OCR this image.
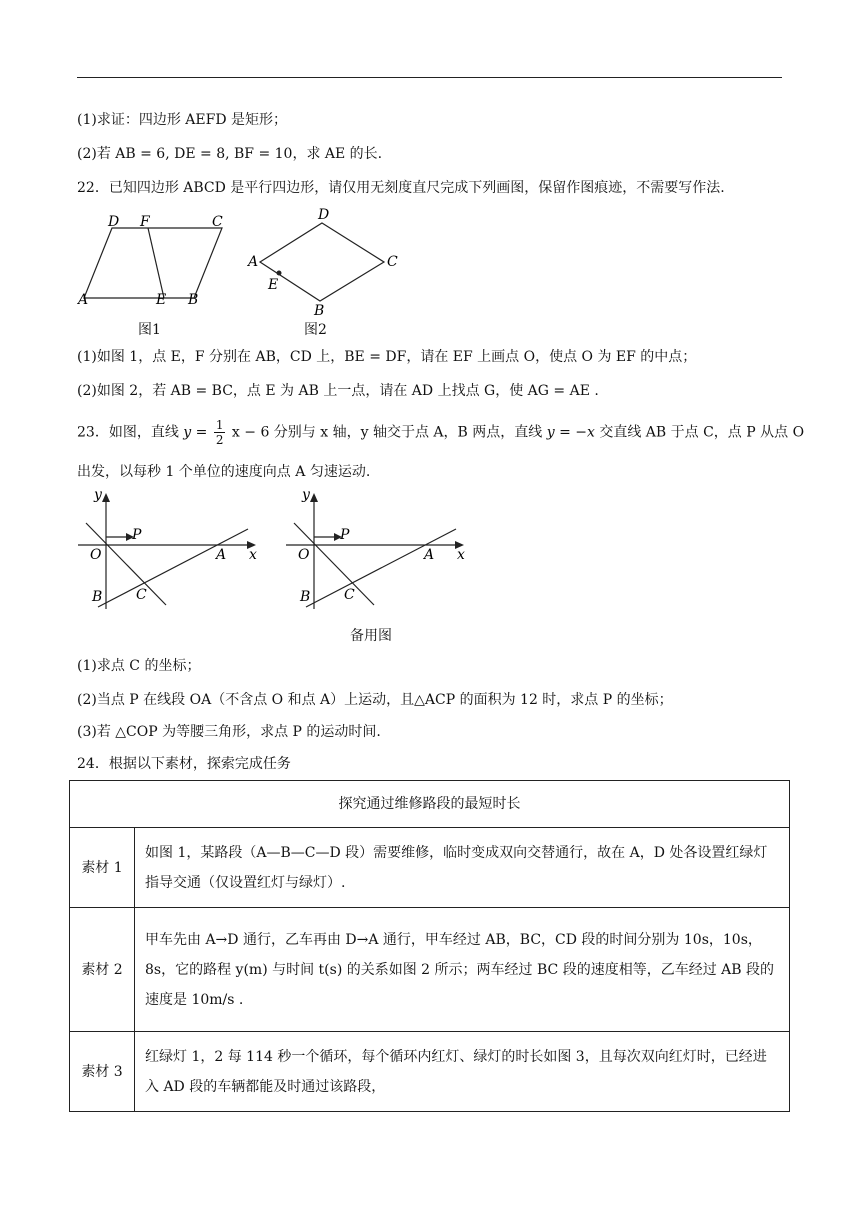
(1)求证：四边形 AEFD 是矩形；
(2)若 AB = 6, DE = 8, BF = 10，求 AE 的长.
22．已知四边形 ABCD 是平行四边形，请仅用无刻度直尺完成下列画图，保留作图痕迹，不需要写作法.
D F	C
A	E B
图1
D
C
A
E
B
图2
(1)如图 1，点 E，F 分别在 AB，CD 上，BE = DF，请在 EF 上画点 O，使点 O 为 EF 的中点；
(2)如图 2，若 AB = BC，点 E 为 AB 上一点，请在 AD 上找点 G，使 AG = AE .
23．如图，直线 $y = \frac{1}{2}$ x − 6 分别与 x 轴，y 轴交于点 A，B 两点，直线 y = −x 交直线 AB 于点 C，点 P 从点 O
出发，以每秒 1 个单位的速度向点 A 匀速运动.
y
x
O
P
A
B C
y
x
O
P
A
B C
备用图
(1)求点 C 的坐标；
(2)当点 P 在线段 OA（不含点 O 和点 A）上运动，且△ACP 的面积为 12 时，求点 P 的坐标；
(3)若 △COP 为等腰三角形，求点 P 的运动时间.
24．根据以下素材，探索完成任务
探究通过维修路段的最短时长	
素材 1	如图 1，某路段（A—B—C—D 段）需要维修，临时变成双向交替通行，故在 A，D 处各设置红绿灯指导交通（仅设置红灯与绿灯）.
素材 2	甲车先由 A→D 通行，乙车再由 D→A 通行，甲车经过 AB，BC，CD 段的时间分别为 10s，10s，8s，它的路程 y(m) 与时间 t(s) 的关系如图 2 所示；两车经过 BC 段的速度相等，乙车经过 AB 段的速度是 10m/s .
素材 3	红绿灯 1，2 每 114 秒一个循环，每个循环内红灯、绿灯的时长如图 3，且每次双向红灯时，已经进入 AD 段的车辆都能及时通过该路段，
